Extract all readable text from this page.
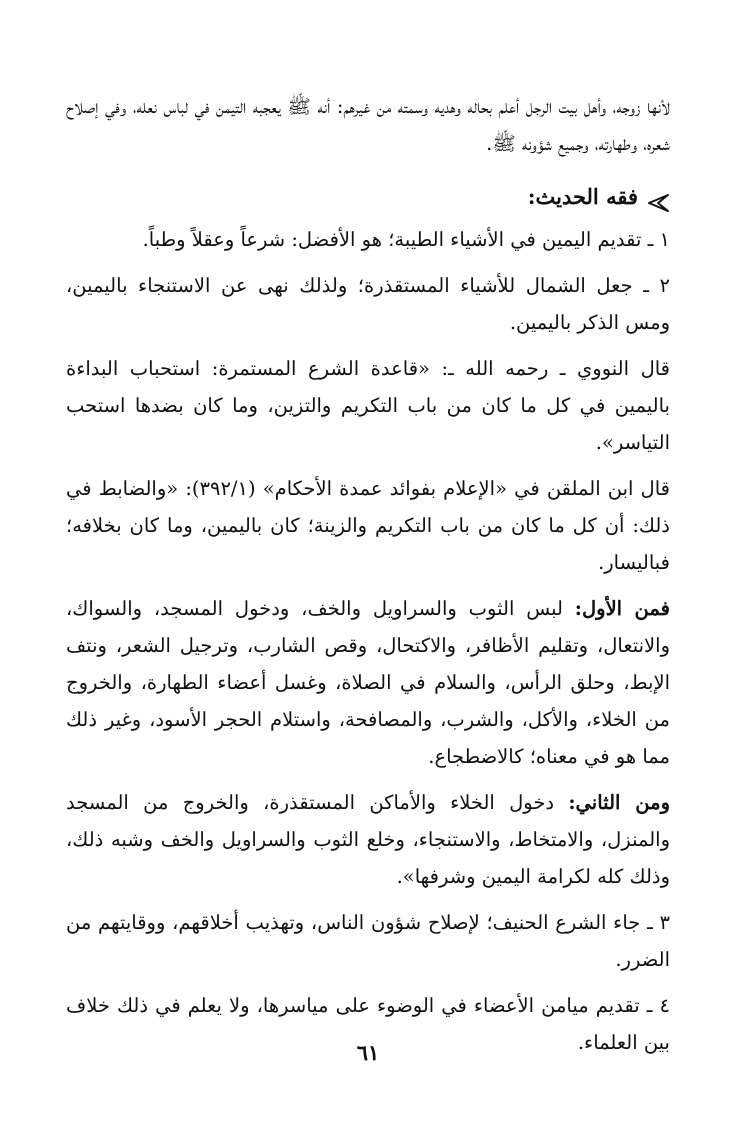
لأنها زوجه، وأهل بيت الرجل أعلم بحاله وهديه وسمته من غيرهم: أنه ﷺ يعجبه التيمن في لباس نعله، وفي إصلاح شعره، وطهارته، وجميع شؤونه ﷺ.

فقه الحديث:

١ ـ تقديم اليمين في الأشياء الطيبة؛ هو الأفضل: شرعاً وعقلاً وطباً.

٢ ـ جعل الشمال للأشياء المستقذرة؛ ولذلك نهى عن الاستنجاء باليمين، ومس الذكر باليمين.

قال النووي ـ رحمه الله ـ: «قاعدة الشرع المستمرة: استحباب البداءة باليمين في كل ما كان من باب التكريم والتزين، وما كان بضدها استحب التياسر».

قال ابن الملقن في «الإعلام بفوائد عمدة الأحكام» (٣٩٢/١): «والضابط في ذلك: أن كل ما كان من باب التكريم والزينة؛ كان باليمين، وما كان بخلافه؛ فباليسار.

فمن الأول: لبس الثوب والسراويل والخف، ودخول المسجد، والسواك، والانتعال، وتقليم الأظافر، والاكتحال، وقص الشارب، وترجيل الشعر، ونتف الإبط، وحلق الرأس، والسلام في الصلاة، وغسل أعضاء الطهارة، والخروج من الخلاء، والأكل، والشرب، والمصافحة، واستلام الحجر الأسود، وغير ذلك مما هو في معناه؛ كالاضطجاع.

ومن الثاني: دخول الخلاء والأماكن المستقذرة، والخروج من المسجد والمنزل، والامتخاط، والاستنجاء، وخلع الثوب والسراويل والخف وشبه ذلك، وذلك كله لكرامة اليمين وشرفها».

٣ ـ جاء الشرع الحنيف؛ لإصلاح شؤون الناس، وتهذيب أخلاقهم، ووقايتهم من الضرر.

٤ ـ تقديم ميامن الأعضاء في الوضوء على مياسرها، ولا يعلم في ذلك خلاف بين العلماء.

٦١
